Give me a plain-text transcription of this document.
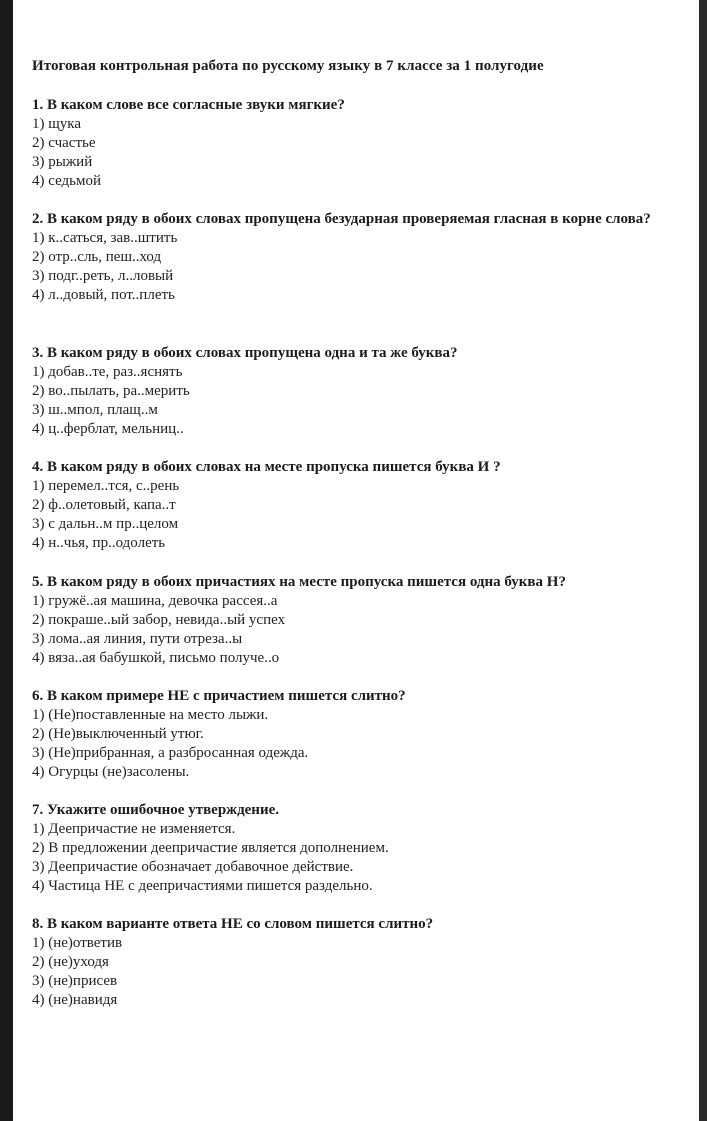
Итоговая контрольная работа по русскому языку в 7 классе за 1 полугодие

1. В каком слове все согласные звуки мягкие?

1) щука
2) счастье
3) рыжий
4) седьмой

2. В каком ряду в обоих словах пропущена безударная проверяемая гласная в корне слова?

1) к..саться, зав..штить
2) отр..сль, пеш..ход
3) подг..реть, л..ловый
4) л..довый, пот..плеть

3. В каком ряду в обоих словах пропущена одна и та же буква?

1) добав..те, раз..яснять
2) во..пылать, ра..мерить
3) ш..мпол, плащ..м
4) ц..ферблат, мельниц..

4. В каком ряду в обоих словах на месте пропуска пишется буква И ?

1) перемел..тся, с..рень
2) ф..олетовый, капа..т
3) с дальн..м пр..целом
4) н..чья, пр..одолеть

5. В каком ряду в обоих причастиях на месте пропуска пишется одна буква Н?

1) гружё..ая машина, девочка рассея..а
2) покраше..ый забор, невида..ый успех
3) лома..ая линия, пути отреза..ы
4) вяза..ая бабушкой, письмо получе..о

6. В каком примере НЕ с причастием пишется слитно?

1) (Не)поставленные на место лыжи.
2) (Не)выключенный утюг.
3) (Не)прибранная, а разбросанная одежда.
4) Огурцы (не)засолены.

7. Укажите ошибочное утверждение.

1) Деепричастие не изменяется.
2) В предложении деепричастие является дополнением.
3) Деепричастие обозначает добавочное действие.
4) Частица НЕ с деепричастиями пишется раздельно.

8. В каком варианте ответа НЕ со словом пишется слитно?

1) (не)ответив
2) (не)уходя
3) (не)присев
4) (не)навидя
